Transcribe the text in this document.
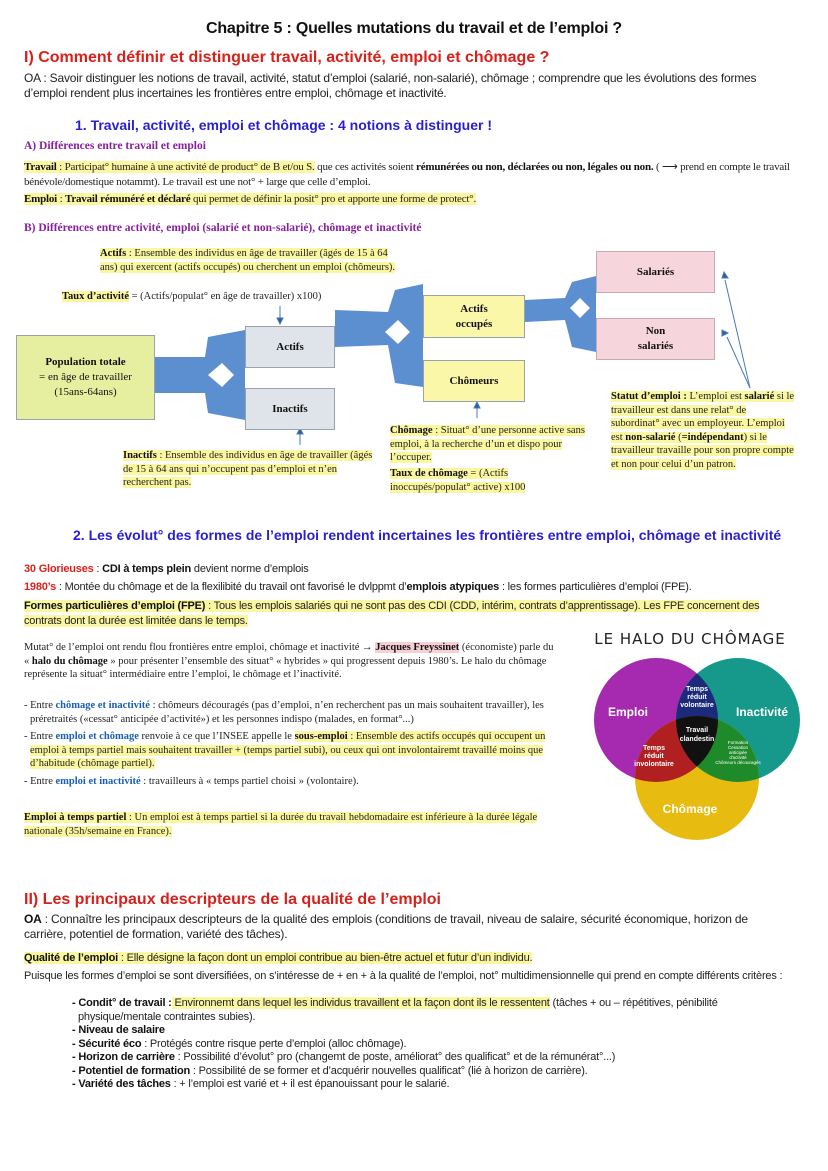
Chapitre 5 : Quelles mutations du travail et de l’emploi ?
I) Comment définir et distinguer travail, activité, emploi et chômage ?

OA : Savoir distinguer les notions de travail, activité, statut d’emploi (salarié, non-salarié), chômage ; comprendre que les évolutions des formes d’emploi rendent plus incertaines les frontières entre emploi, chômage et inactivité.

1. Travail, activité, emploi et chômage : 4 notions à distinguer !
A) Différences entre travail et emploi

Travail : Participat° humaine à une activité de product° de B et/ou S. que ces activités soient rémunérées ou non, déclarées ou non, légales ou non. ( ⟶ prend en compte le travail bénévole/domestique notammt). Le travail est une not° + large que celle d’emploi.

Emploi : Travail rémunéré et déclaré qui permet de définir la posit° pro et apporte une forme de protect°.

B) Différences entre activité, emploi (salarié et non-salarié), chômage et inactivité
Population totale
= en âge de travailler
(15ans-64ans)
Actifs
Inactifs
Actifs occupés
Chômeurs
Salariés
Non salariés

Actifs : Ensemble des individus en âge de travailler (âgés de 15 à 64 ans) qui exercent (actifs occupés) ou cherchent un emploi (chômeurs).

Taux d’activité = (Actifs/populat° en âge de travailler) x100)

Inactifs : Ensemble des individus en âge de travailler (âgés de 15 à 64 ans qui n’occupent pas d’emploi et n’en recherchent pas.

Chômage : Situat° d’une personne active sans emploi, à la recherche d’un et dispo pour l’occuper.

Taux de chômage = (Actifs inoccupés/populat° active) x100

Statut d’emploi : L’emploi est salarié si le travailleur est dans une relat° de subordinat° avec un employeur. L’emploi est non-salarié (=indépendant) si le travailleur travaille pour son propre compte et non pour celui d’un patron.

2. Les évolut° des formes de l’emploi rendent incertaines les frontières entre emploi, chômage et inactivité

30 Glorieuses : CDI à temps plein devient norme d’emplois

1980’s : Montée du chômage et de la flexilibité du travail ont favorisé le dvlppmt d’emplois atypiques : les formes particulières d’emploi (FPE).

Formes particulières d’emploi (FPE) : Tous les emplois salariés qui ne sont pas des CDI (CDD, intérim, contrats d’apprentissage). Les FPE concernent des contrats dont la durée est limitée dans le temps.

Mutat° de l’emploi ont rendu flou frontières entre emploi, chômage et inactivité → Jacques Freyssinet (économiste) parle du « halo du chômage » pour présenter l’ensemble des situat° « hybrides » qui progressent depuis 1980’s. Le halo du chômage représente la situat° intermédiaire entre l’emploi, le chômage et l’inactivité.

- Entre chômage et inactivité : chômeurs découragés (pas d’emploi, n’en recherchent pas un mais souhaitent travailler), les préretraités («cessat° anticipée d’activité») et les personnes indispo (malades, en format°...)
- Entre emploi et chômage renvoie à ce que l’INSEE appelle le sous-emploi : Ensemble des actifs occupés qui occupent un emploi à temps partiel mais souhaitent travailler + (temps partiel subi), ou ceux qui ont involontairemt travaillé moins que d’habitude (chômage partiel).
- Entre emploi et inactivité : travailleurs à « temps partiel choisi » (volontaire).

Emploi à temps partiel : Un emploi est à temps partiel si la durée du travail hebdomadaire est inférieure à la durée légale nationale (35h/semaine en France).

LE HALO DU CHÔMAGE
Emploi	Inactivité
Chômage
Temps
réduit
volontaire
Travail
clandestin
Temps
réduit
involontaire
Formation
Cessation
anticipée
d'activité
Chômeurs découragés
II) Les principaux descripteurs de la qualité de l’emploi

OA : Connaître les principaux descripteurs de la qualité des emplois (conditions de travail, niveau de salaire, sécurité économique, horizon de carrière, potentiel de formation, variété des tâches).

Qualité de l’emploi : Elle désigne la façon dont un emploi contribue au bien-être actuel et futur d’un individu.

Puisque les formes d’emploi se sont diversifiées, on s’intéresse de + en + à la qualité de l’emploi, not° multidimensionnelle qui prend en compte différents critères :

- Condit° de travail : Environnemt dans lequel les individus travaillent et la façon dont ils le ressentent (tâches + ou – répétitives, pénibilité physique/mentale contraintes subies).
- Niveau de salaire
- Sécurité éco : Protégés contre risque perte d’emploi (alloc chômage).
- Horizon de carrière : Possibilité d’évolut° pro (changemt de poste, améliorat° des qualificat° et de la rémunérat°...)
- Potentiel de formation : Possibilité de se former et d’acquérir nouvelles qualificat° (lié à horizon de carrière).
- Variété des tâches : + l’emploi est varié et + il est épanouissant pour le salarié.
